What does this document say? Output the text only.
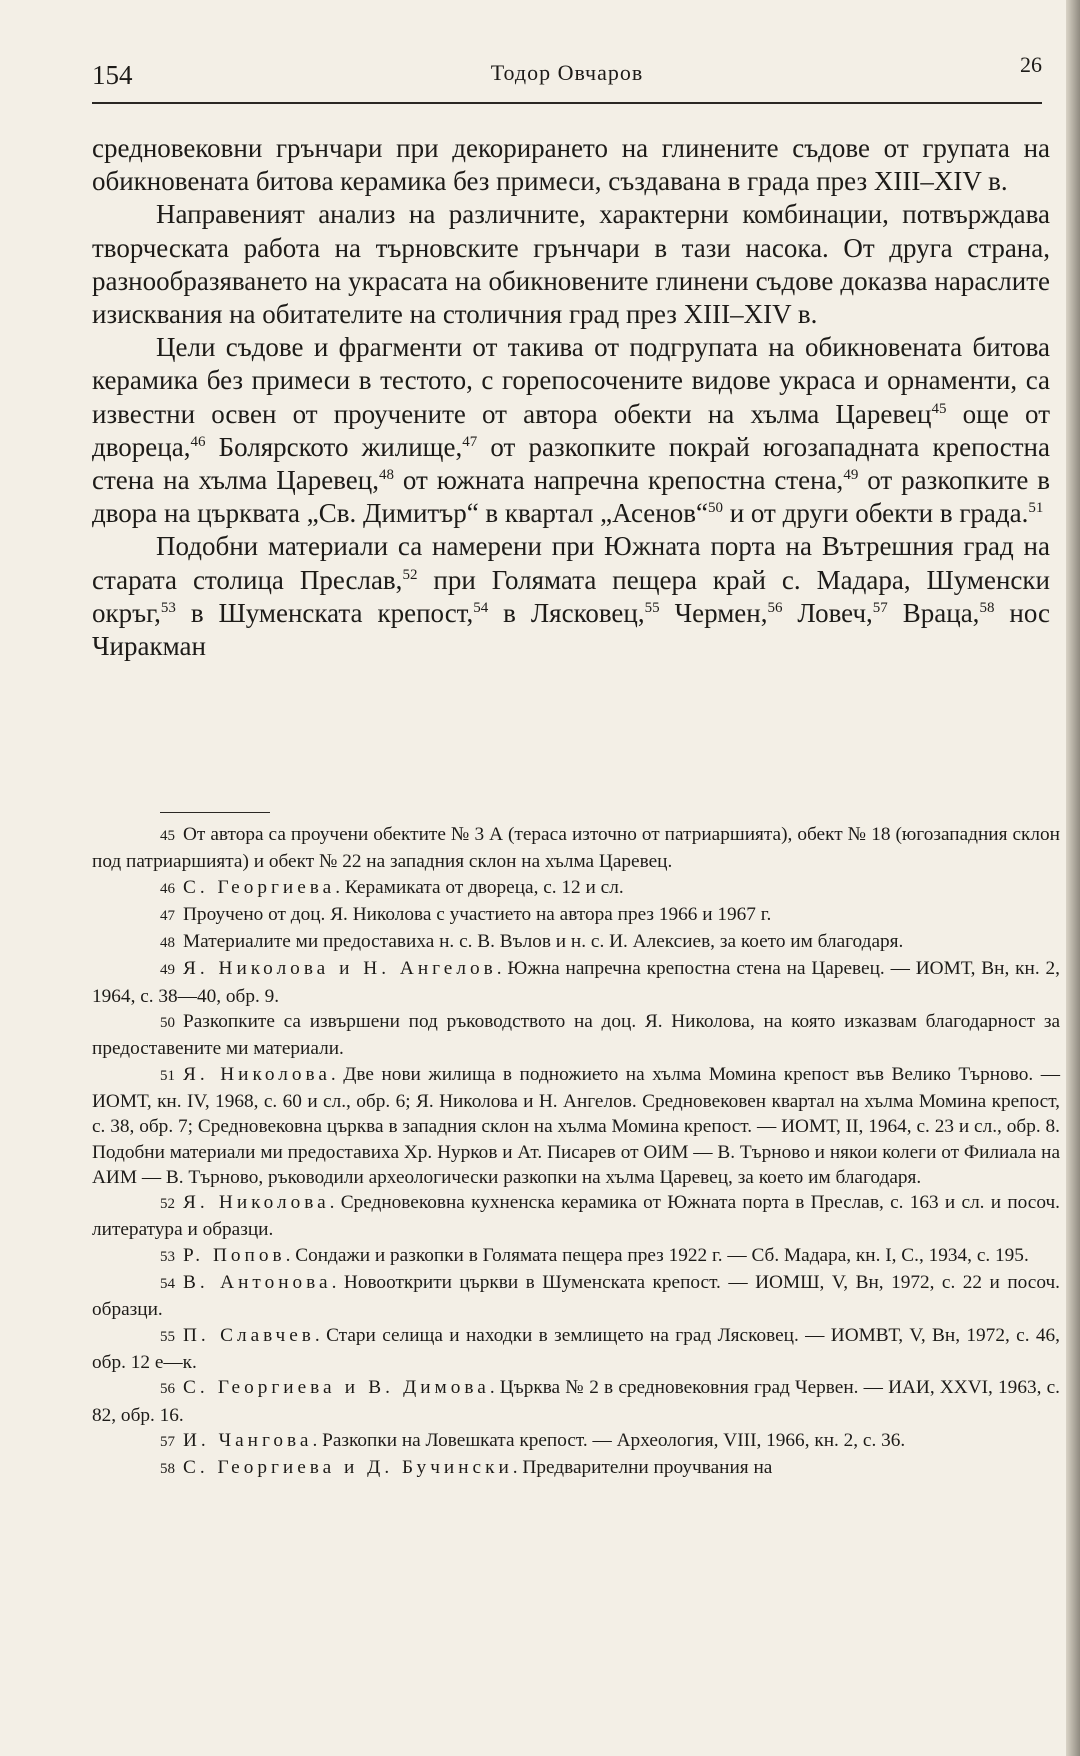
154	Тодор Овчаров	26

средновековни грънчари при декорирането на глинените съдове от групата на обикновената битова керамика без примеси, създавана в града през XIII–XIV в.

Направеният анализ на различните, характерни комбинации, потвърждава творческата работа на търновските грънчари в тази насока. От друга страна, разнообразяването на украсата на обикновените глинени съдове доказва нараслите изисквания на обитателите на столичния град през XIII–XIV в.

Цели съдове и фрагменти от такива от подгрупата на обикновената битова керамика без примеси в тестото, с горепосочените видове украса и орнаменти, са известни освен от проучените от автора обекти на хълма Царевец$^{45}$ още от двореца,$^{46}$ Болярското жилище,$^{47}$ от разкопките покрай югозападната крепостна стена на хълма Царевец,$^{48}$ от южната напречна крепостна стена,$^{49}$ от разкопките в двора на църквата „Св. Димитър“ в квартал „Асенов“$^{50}$ и от други обекти в града.$^{51}$

Подобни материали са намерени при Южната порта на Вътрешния град на старата столица Преслав,$^{52}$ при Голямата пещера край с. Мадара, Шуменски окръг,$^{53}$ в Шуменската крепост,$^{54}$ в Лясковец,$^{55}$ Чермен,$^{56}$ Ловеч,$^{57}$ Враца,$^{58}$ нос Чиракман

45 От автора са проучени обектите № 3 А (тераса източно от патриаршията), обект № 18 (югозападния склон под патриаршията) и обект № 22 на западния склон на хълма Царевец.

46 С. Георгиева. Керамиката от двореца, с. 12 и сл.

47 Проучено от доц. Я. Николова с участието на автора през 1966 и 1967 г.

48 Материалите ми предоставиха н. с. В. Вълов и н. с. И. Алексиев, за което им благодаря.

49 Я. Николова и Н. Ангелов. Южна напречна крепостна стена на Царевец. — ИОМТ, Вн, кн. 2, 1964, с. 38—40, обр. 9.

50 Разкопките са извършени под ръководството на доц. Я. Николова, на която изказвам благодарност за предоставените ми материали.

51 Я. Николова. Две нови жилища в подножието на хълма Момина крепост във Велико Търново. — ИОМТ, кн. IV, 1968, с. 60 и сл., обр. 6; Я. Николова и Н. Ангелов. Средновековен квартал на хълма Момина крепост, с. 38, обр. 7; Средновековна църква в западния склон на хълма Момина крепост. — ИОМТ, II, 1964, с. 23 и сл., обр. 8. Подобни материали ми предоставиха Хр. Нурков и Ат. Писарев от ОИМ — В. Търново и някои колеги от Филиала на АИМ — В. Търново, ръководили археологически разкопки на хълма Царевец, за което им благодаря.

52 Я. Николова. Средновековна кухненска керамика от Южната порта в Преслав, с. 163 и сл. и посоч. литература и образци.

53 Р. Попов. Сондажи и разкопки в Голямата пещера през 1922 г. — Сб. Мадара, кн. I, С., 1934, с. 195.

54 В. Антонова. Новооткрити църкви в Шуменската крепост. — ИОМШ, V, Вн, 1972, с. 22 и посоч. образци.

55 П. Славчев. Стари селища и находки в землището на град Лясковец. — ИОМВТ, V, Вн, 1972, с. 46, обр. 12 е—к.

56 С. Георгиева и В. Димова. Църква № 2 в средновековния град Червен. — ИАИ, XXVI, 1963, с. 82, обр. 16.

57 И. Чангова. Разкопки на Ловешката крепост. — Археология, VIII, 1966, кн. 2, с. 36.

58 С. Георгиева и Д. Бучински. Предварителни проучвания на
